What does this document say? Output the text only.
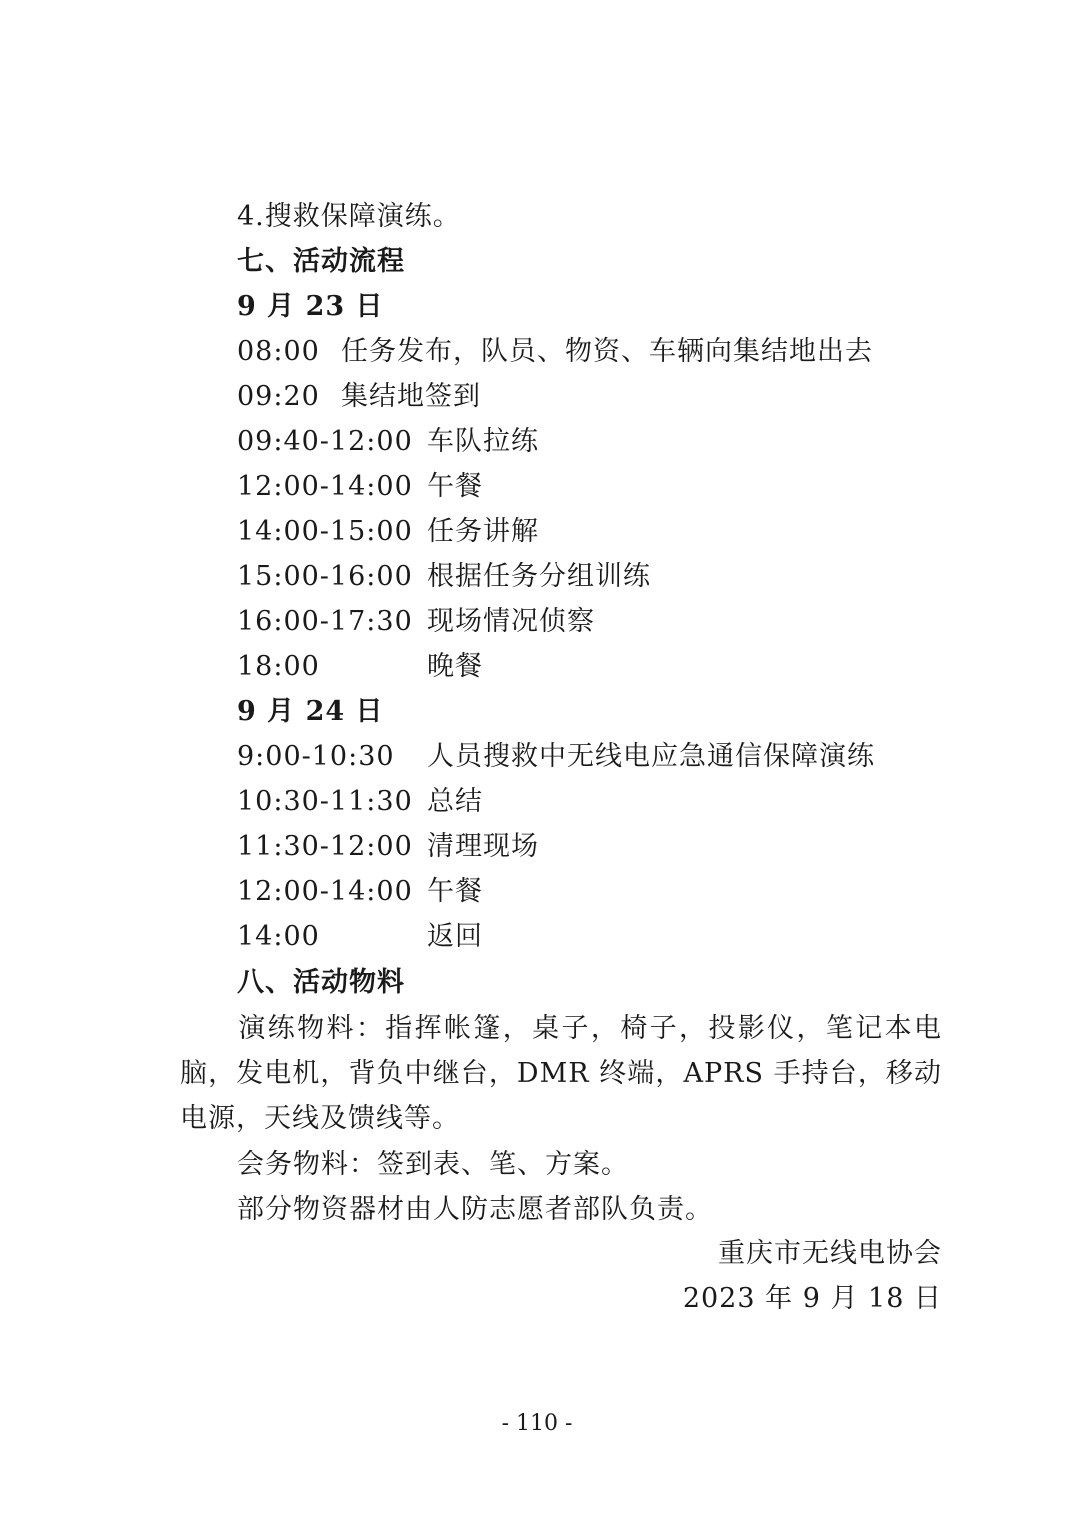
4.搜救保障演练。
七、活动流程
9 月 23 日
08:00 任务发布，队员、物资、车辆向集结地出去
09:20 集结地签到
09:40-12:00 车队拉练
12:00-14:00 午餐
14:00-15:00 任务讲解
15:00-16:00 根据任务分组训练
16:00-17:30 现场情况侦察
18:00	晚餐
9 月 24 日
9:00-10:30 人员搜救中无线电应急通信保障演练
10:30-11:30 总结
11:30-12:00 清理现场
12:00-14:00 午餐
14:00	返回
八、活动物料
演练物料：指挥帐篷，桌子，椅子，投影仪，笔记本电脑，发电机，背负中继台，DMR 终端，APRS 手持台，移动电源，天线及馈线等。
会务物料：签到表、笔、方案。
部分物资器材由人防志愿者部队负责。
重庆市无线电协会
2023 年 9 月 18 日
- 110 -
